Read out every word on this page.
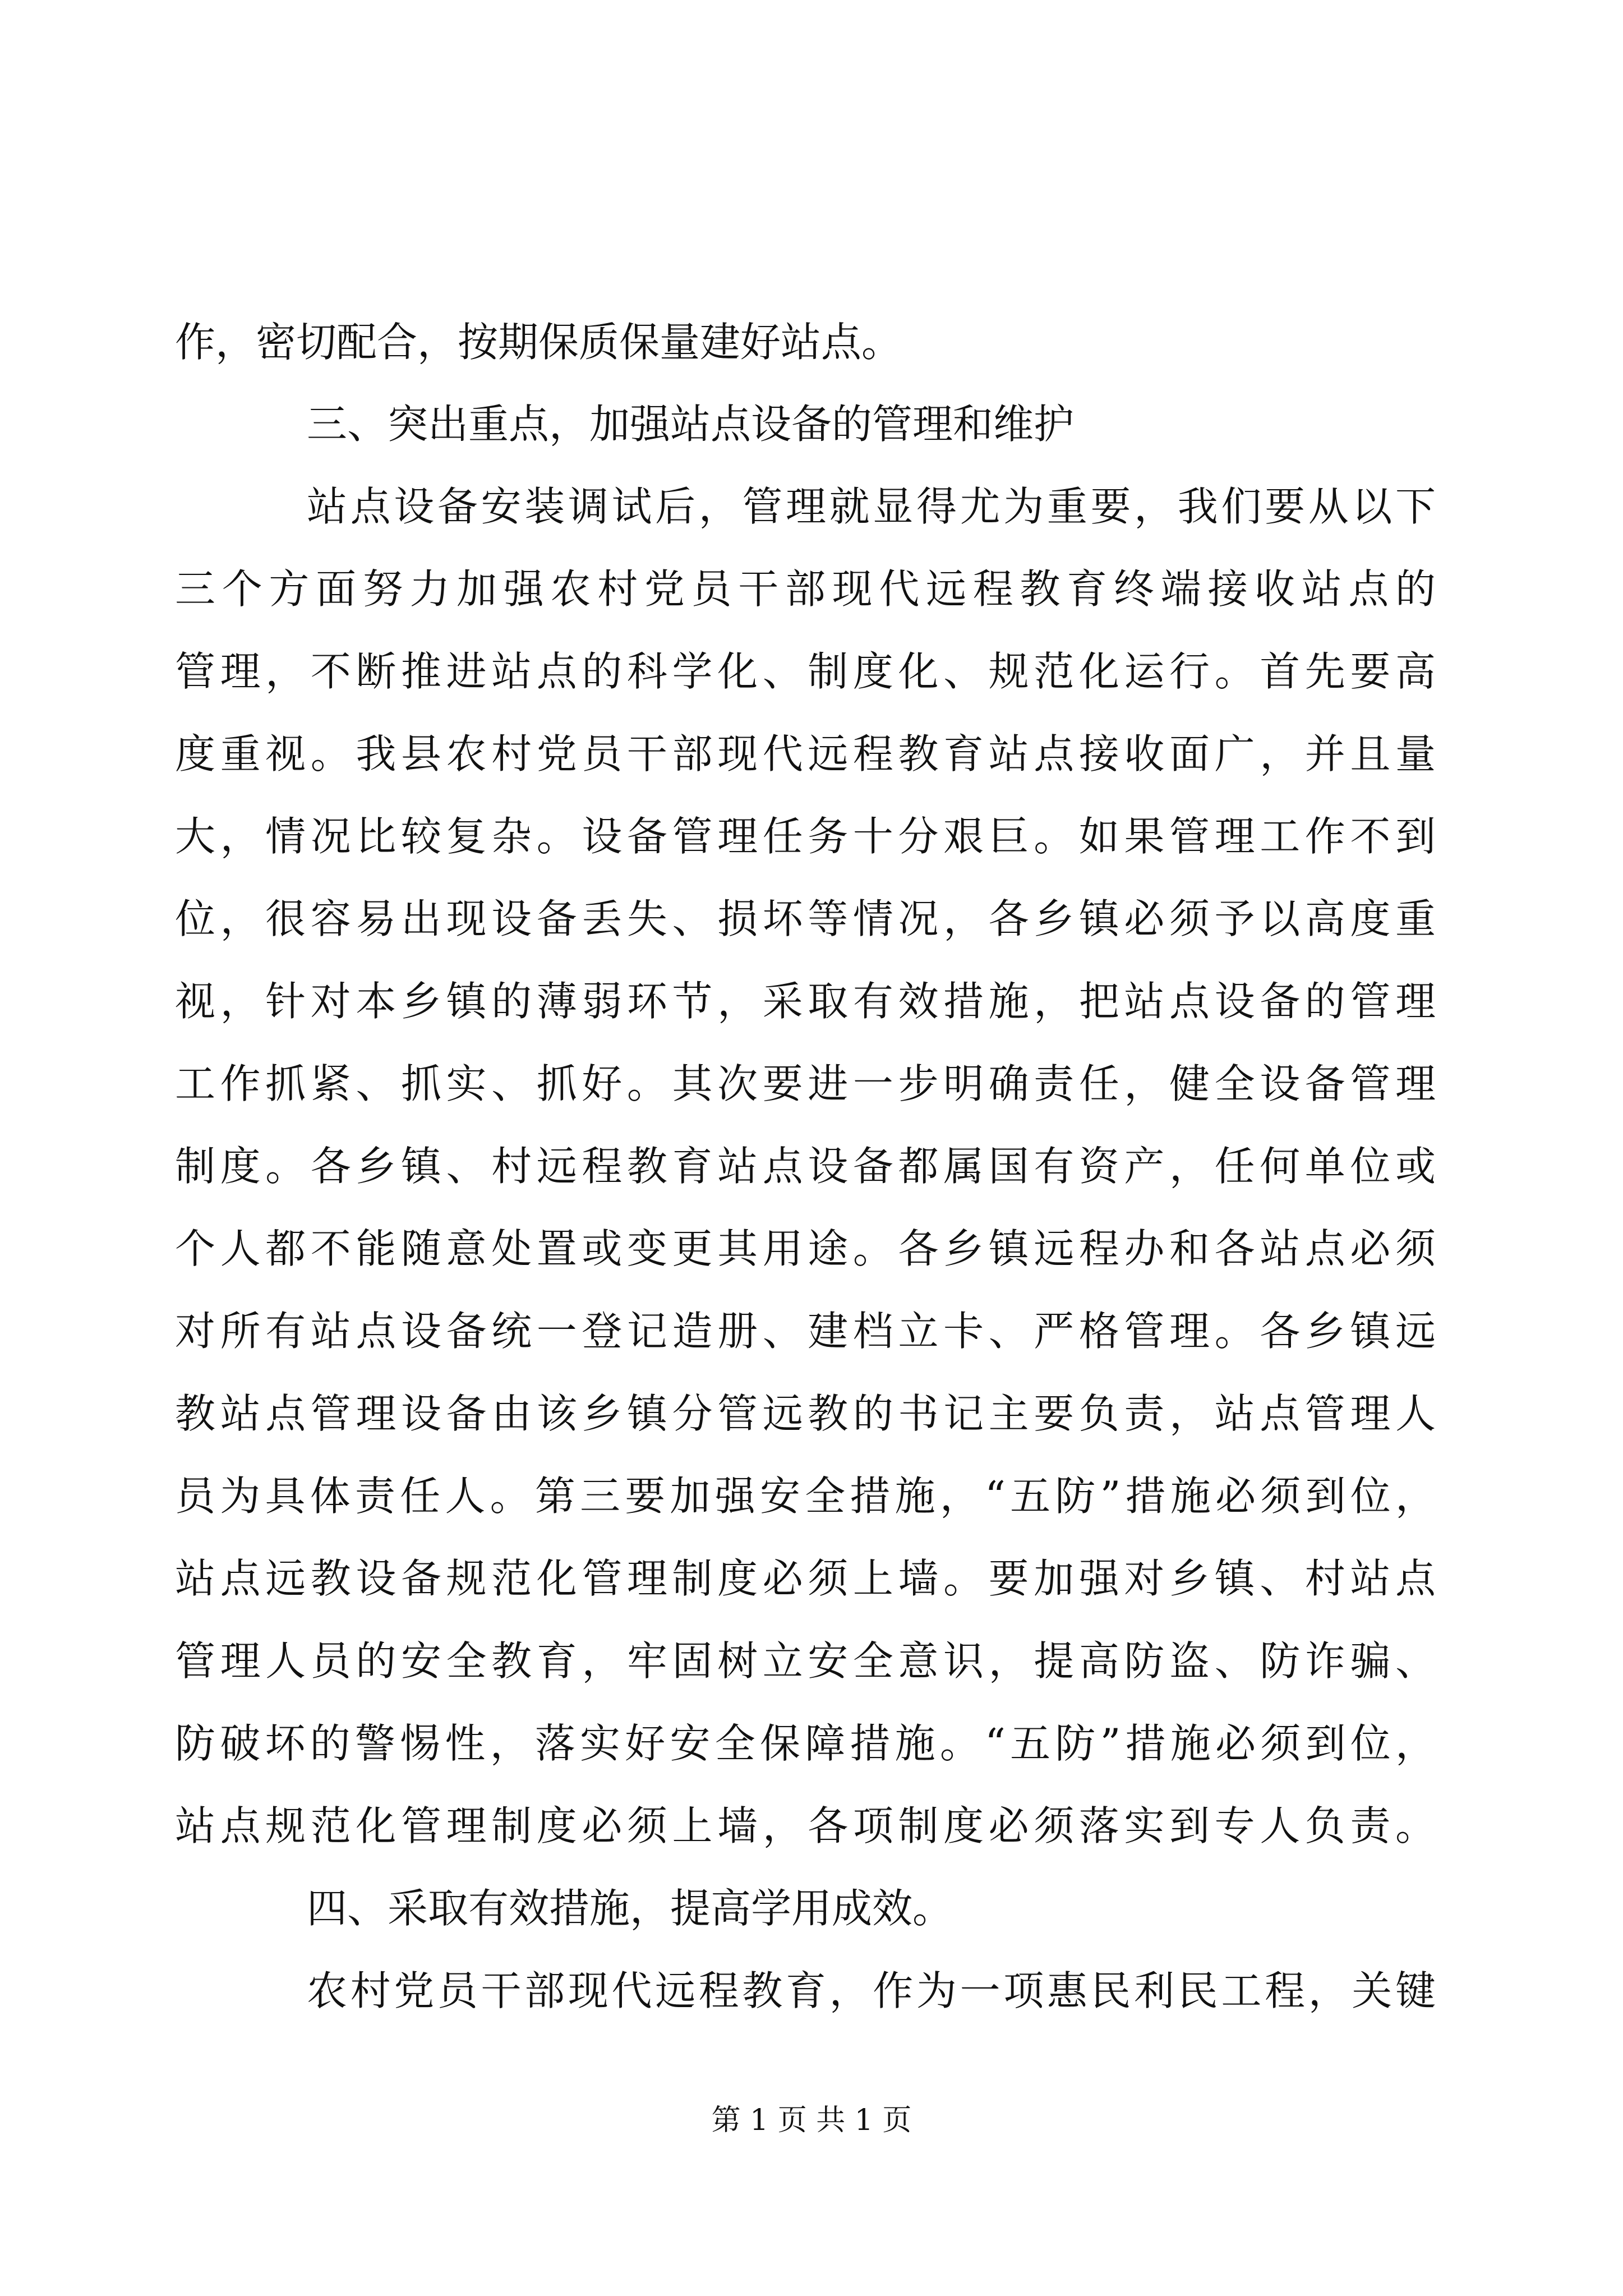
作，密切配合，按期保质保量建好站点。
三、突出重点，加强站点设备的管理和维护
站点设备安装调试后，管理就显得尤为重要，我们要从以下
三个方面努力加强农村党员干部现代远程教育终端接收站点的
管理，不断推进站点的科学化、制度化、规范化运行。首先要高
度重视。我县农村党员干部现代远程教育站点接收面广，并且量
大，情况比较复杂。设备管理任务十分艰巨。如果管理工作不到
位，很容易出现设备丢失、损坏等情况，各乡镇必须予以高度重
视，针对本乡镇的薄弱环节，采取有效措施，把站点设备的管理
工作抓紧、抓实、抓好。其次要进一步明确责任，健全设备管理
制度。各乡镇、村远程教育站点设备都属国有资产，任何单位或
个人都不能随意处置或变更其用途。各乡镇远程办和各站点必须
对所有站点设备统一登记造册、建档立卡、严格管理。各乡镇远
教站点管理设备由该乡镇分管远教的书记主要负责，站点管理人
员为具体责任人。第三要加强安全措施，“五防”措施必须到位，
站点远教设备规范化管理制度必须上墙。要加强对乡镇、村站点
管理人员的安全教育，牢固树立安全意识，提高防盗、防诈骗、
防破坏的警惕性，落实好安全保障措施。“五防”措施必须到位，
站点规范化管理制度必须上墙，各项制度必须落实到专人负责。
四、采取有效措施，提高学用成效。
农村党员干部现代远程教育，作为一项惠民利民工程，关键
第 1 页 共 1 页
